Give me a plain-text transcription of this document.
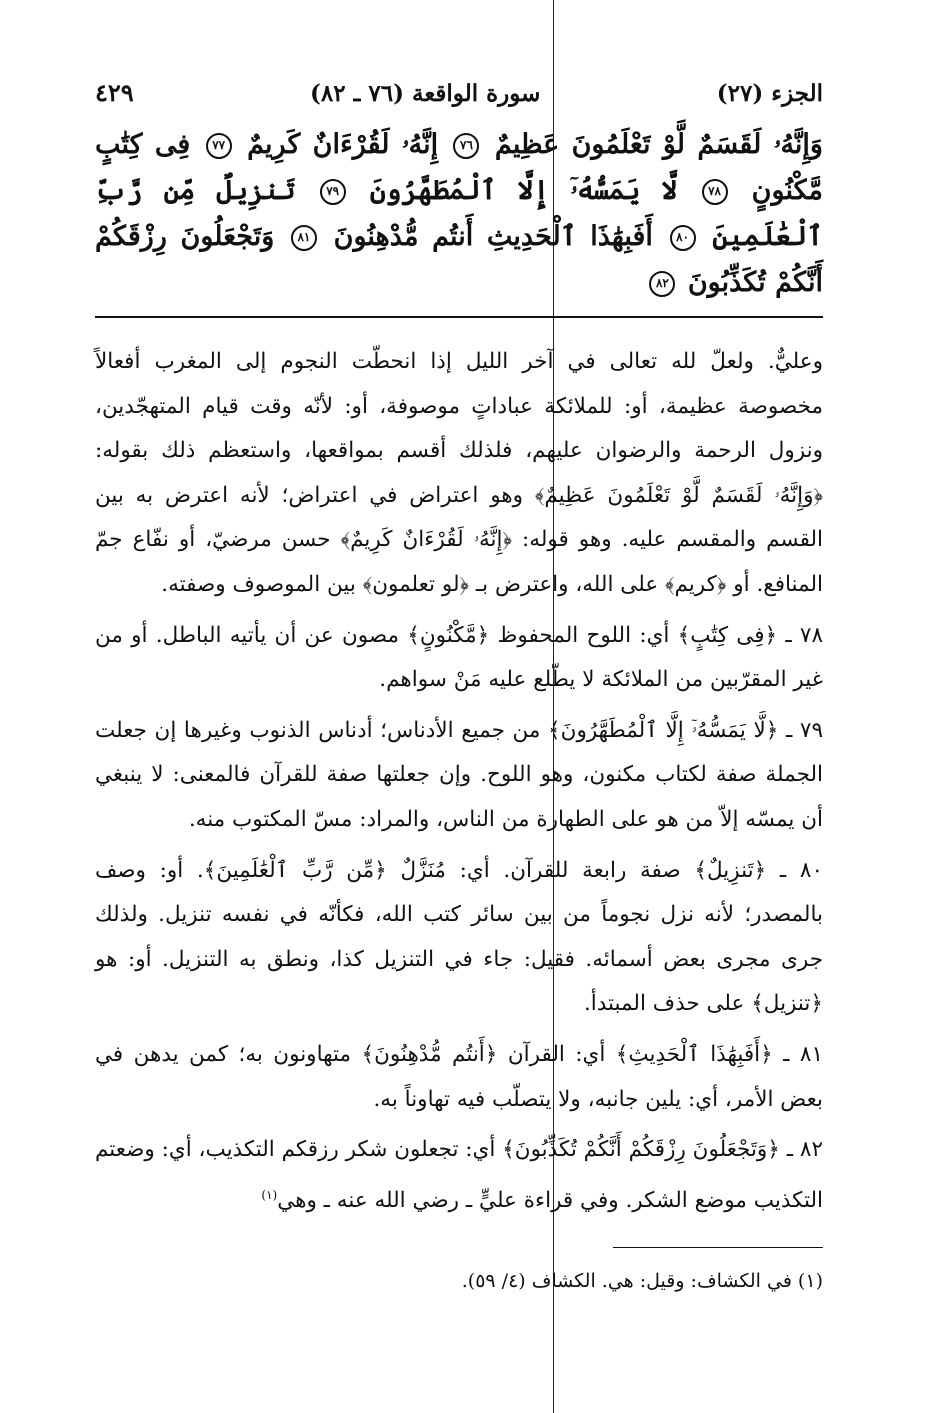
الجزء (٢٧)
سورة الواقعة (٧٦ ـ ٨٢)
٤٢٩
وَإِنَّهُۥ لَقَسَمٌ لَّوْ تَعْلَمُونَ عَظِيمٌ ٧٦ إِنَّهُۥ لَقُرْءَانٌ كَرِيمٌ ٧٧ فِى كِتَٰبٍ مَّكْنُونٍ ٧٨ لَّا يَمَسُّهُۥٓ إِلَّا ٱلْمُطَهَّرُونَ ٧٩ تَنزِيلٌ مِّن رَّبِّ ٱلْعَٰلَمِينَ ٨٠ أَفَبِهَٰذَا ٱلْحَدِيثِ أَنتُم مُّدْهِنُونَ ٨١ وَتَجْعَلُونَ رِزْقَكُمْ أَنَّكُمْ تُكَذِّبُونَ ٨٢

وعليٌّ. ولعلّ لله تعالى في آخر الليل إذا انحطّت النجوم إلى المغرب أفعالاً مخصوصة عظيمة، أو: للملائكة عباداتٍ موصوفة، أو: لأنّه وقت قيام المتهجّدين، ونزول الرحمة والرضوان عليهم، فلذلك أقسم بمواقعها، واستعظم ذلك بقوله: ﴿وَإِنَّهُۥ لَقَسَمٌ لَّوْ تَعْلَمُونَ عَظِيمٌ﴾ وهو اعتراض في اعتراض؛ لأنه اعترض به بين القسم والمقسم عليه. وهو قوله: ﴿إِنَّهُۥ لَقُرْءَانٌ كَرِيمٌ﴾ حسن مرضيّ، أو نفّاع جمّ المنافع. أو ﴿كريم﴾ على الله، واعترض بـ ﴿لو تعلمون﴾ بين الموصوف وصفته.

٧٨ ـ ﴿فِى كِتَٰبٍ﴾ أي: اللوح المحفوظ ﴿مَّكْنُونٍ﴾ مصون عن أن يأتيه الباطل. أو من غير المقرّبين من الملائكة لا يطّلع عليه مَنْ سواهم.

٧٩ ـ ﴿لَّا يَمَسُّهُۥٓ إِلَّا ٱلْمُطَهَّرُونَ﴾ من جميع الأدناس؛ أدناس الذنوب وغيرها إن جعلت الجملة صفة لكتاب مكنون، وهو اللوح. وإن جعلتها صفة للقرآن فالمعنى: لا ينبغي أن يمسّه إلاّ من هو على الطهارة من الناس، والمراد: مسّ المكتوب منه.

٨٠ ـ ﴿تَنزِيلٌ﴾ صفة رابعة للقرآن. أي: مُنَزَّلٌ ﴿مِّن رَّبِّ ٱلْعَٰلَمِينَ﴾. أو: وصف بالمصدر؛ لأنه نزل نجوماً من بين سائر كتب الله، فكأنّه في نفسه تنزيل. ولذلك جرى مجرى بعض أسمائه. فقيل: جاء في التنزيل كذا، ونطق به التنزيل. أو: هو ﴿تنزيل﴾ على حذف المبتدأ.

٨١ ـ ﴿أَفَبِهَٰذَا ٱلْحَدِيثِ﴾ أي: القرآن ﴿أَنتُم مُّدْهِنُونَ﴾ متهاونون به؛ كمن يدهن في بعض الأمر، أي: يلين جانبه، ولا يتصلّب فيه تهاوناً به.

٨٢ ـ ﴿وَتَجْعَلُونَ رِزْقَكُمْ أَنَّكُمْ تُكَذِّبُونَ﴾ أي: تجعلون شكر رزقكم التكذيب، أي: وضعتم التكذيب موضع الشكر. وفي قراءة عليٍّ ـ رضي الله عنه ـ وهي$^{(١)}$

(١) في الكشاف: وقيل: هي. الكشاف (٤/ ٥٩).
